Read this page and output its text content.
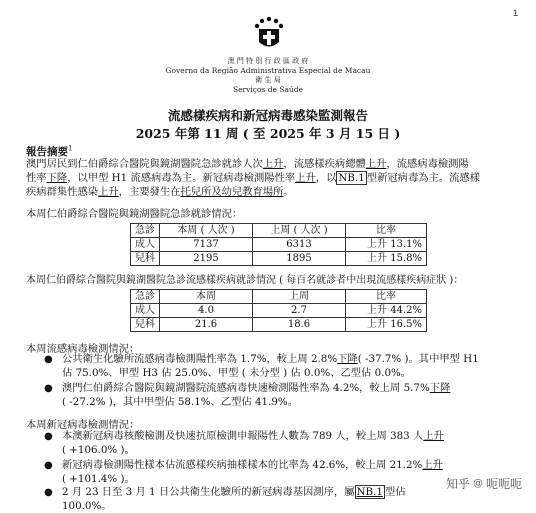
1
澳 門 特 別 行 政 區 政 府
Governo da Região Administrativa Especial de Macau
衛 生 局
Serviços de Saúde
流感樣疾病和新冠病毒感染監測報告
2025 年第 11 周 ( 至 2025 年 3 月 15 日 )
報告摘要$^1$
澳門居民到仁伯爵綜合醫院與鏡湖醫院急診就診人次上升，流感樣疾病總體上升，流感病毒檢測陽
性率下降，以甲型 H1 流感病毒為主。新冠病毒檢測陽性率上升，以 NB.1 型新冠病毒為主。流感樣
疾病群集性感染上升，主要發生在托兒所及幼兒教育場所。
本周仁伯爵綜合醫院與鏡湖醫院急診就診情況：
急診	本周 ( 人次 )	上周 ( 人次 )	比率
成人	7137	6313	上升 13.1%
兒科	2195	1895	上升 15.8%
本周仁伯爵綜合醫院與鏡湖醫院急診流感樣疾病就診情況 ( 每百名就診者中出現流感樣疾病症狀 )：
急診	本周	上周	比率
成人	4.0	2.7	上升 44.2%
兒科	21.6	18.6	上升 16.5%
本周流感病毒檢測情況：
● 公共衛生化驗所流感病毒檢測陽性率為 1.7%，較上周 2.8%下降( -37.7% )。其中甲型 H1
佔 75.0%、甲型 H3 佔 25.0%、甲型 ( 未分型 ) 佔 0.0%、乙型佔 0.0%。
● 澳門仁伯爵綜合醫院與鏡湖醫院流感病毒快速檢測陽性率為 4.2%，較上周 5.7%下降
( -27.2% )，其中甲型佔 58.1%、乙型佔 41.9%。
本周新冠病毒檢測情況：
● 本澳新冠病毒核酸檢測及快速抗原檢測申報陽性人數為 789 人，較上周 383 人上升
( +106.0% )。
● 新冠病毒檢測陽性樣本佔流感樣疾病抽樣樣本的比率為 42.6%，較上周 21.2%上升
( +101.4% )。
● 2 月 23 日至 3 月 1 日公共衛生化驗所的新冠病毒基因測序，屬 NB.1 型佔 100.0%。
知乎 @ 呃呃呃
